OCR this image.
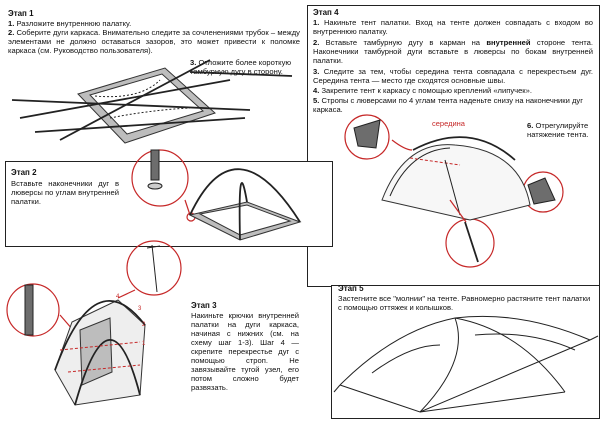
Этап 1
1. Разложите внутреннюю палатку.
2. Соберите дуги каркаса. Внимательно следите за сочленениями трубок – между элементами не должно оставаться зазоров, это может привести к поломке каркаса (см. Руководство пользователя).
3. Отложите более короткую тамбурную дугу в сторону.
Этап 4
1. Накиньте тент палатки. Вход на тенте должен совпадать с входом во внутреннюю палатку.
2. Вставьте тамбурную дугу в карман на внутренней стороне тента. Наконечники тамбурной дуги вставьте в люверсы по бокам внутренней палатки.
3. Следите за тем, чтобы середина тента совпадала с перекрестьем дуг. Середина тента — место где сходятся основные швы.
4. Закрепите тент к каркасу с помощью креплений «липучек».
5. Стропы с люверсами по 4 углам тента наденьте снизу на наконечники дуг каркаса.
6. Отрегулируйте натяжение тента.
середина
Этап 2
Вставьте наконечники дуг в люверсы по углам внутренней палатки.
Этап 3
Накиньте крючки внутренней палатки на дуги каркаса, начиная с нижних (см. на схему шаг 1-3). Шаг 4 — скрепите перекрестье дуг с помощью строп. Не завязывайте тугой узел, его потом сложно будет развязать.
Этап 5
Застегните все "молнии" на тенте. Равномерно растяните тент палатки с помощью оттяжек и колышков.
4
3
2
1
